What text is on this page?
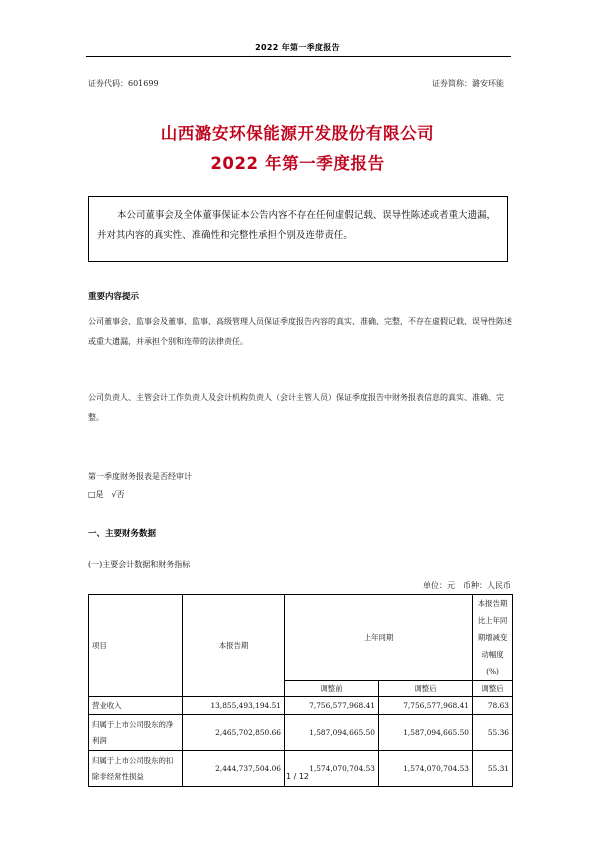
2022 年第一季度报告
证券代码：601699	证券简称：潞安环能
山西潞安环保能源开发股份有限公司
2022 年第一季度报告
本公司董事会及全体董事保证本公告内容不存在任何虚假记载、误导性陈述或者重大遗漏，并对其内容的真实性、准确性和完整性承担个别及连带责任。
重要内容提示
公司董事会、监事会及董事、监事、高级管理人员保证季度报告内容的真实、准确、完整，不存在虚假记载、误导性陈述或重大遗漏，并承担个别和连带的法律责任。
公司负责人、主管会计工作负责人及会计机构负责人（会计主管人员）保证季度报告中财务报表信息的真实、准确、完整。
第一季度财务报表是否经审计
□是　√否
一、主要财务数据
(一)主要会计数据和财务指标
单位：元　币种：人民币
项目	本报告期	上年同期		本报告期比上年同期增减变动幅度(%)
		调整前	调整后	调整后
营业收入	13,855,493,194.51	7,756,577,968.41	7,756,577,968.41	78.63
归属于上市公司股东的净利润	2,465,702,850.66	1,587,094,665.50	1,587,094,665.50	55.36
归属于上市公司股东的扣除非经常性损益	2,444,737,504.06	1,574,070,704.53	1,574,070,704.53	55.31
1 / 12
